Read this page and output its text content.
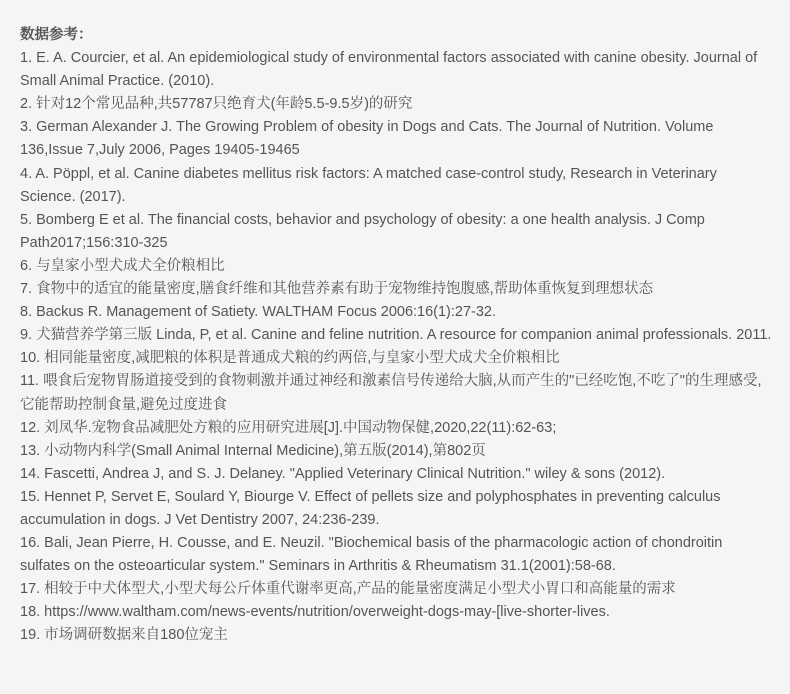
数据参考：
1. E. A. Courcier, et al. An epidemiological study of environmental factors associated with canine obesity. Journal of Small Animal Practice. (2010).
2. 针对12个常见品种,共57787只绝育犬(年龄5.5-9.5岁)的研究
3. German Alexander J. The Growing Problem of obesity in Dogs and Cats. The Journal of Nutrition. Volume 136,Issue 7,July 2006, Pages 19405-19465
4. A. Pöppl, et al. Canine diabetes mellitus risk factors: A matched case-control study, Research in Veterinary Science. (2017).
5. Bomberg E et al. The financial costs, behavior and psychology of obesity: a one health analysis. J Comp Path2017;156:310-325
6. 与皇家小型犬成犬全价粮相比
7. 食物中的适宜的能量密度,膳食纤维和其他营养素有助于宠物维持饱腹感,帮助体重恢复到理想状态
8. Backus R. Management of Satiety. WALTHAM Focus 2006:16(1):27-32.
9. 犬猫营养学第三版 Linda, P, et al. Canine and feline nutrition. A resource for companion animal professionals. 2011.
10. 相同能量密度,减肥粮的体积是普通成犬粮的约两倍,与皇家小型犬成犬全价粮相比
11. 喂食后宠物胃肠道接受到的食物刺激并通过神经和激素信号传递给大脑,从而产生的"已经吃饱,不吃了"的生理感受,它能帮助控制食量,避免过度进食
12. 刘凤华.宠物食品减肥处方粮的应用研究进展[J].中国动物保健,2020,22(11):62-63;
13. 小动物内科学(Small Animal Internal Medicine),第五版(2014),第802页
14. Fascetti, Andrea J, and S. J. Delaney. "Applied Veterinary Clinical Nutrition." wiley & sons (2012).
15. Hennet P, Servet E, Soulard Y, Biourge V. Effect of pellets size and polyphosphates in preventing calculus accumulation in dogs. J Vet Dentistry 2007, 24:236-239.
16. Bali, Jean Pierre, H. Cousse, and E. Neuzil. "Biochemical basis of the pharmacologic action of chondroitin sulfates on the osteoarticular system." Seminars in Arthritis & Rheumatism 31.1(2001):58-68.
17. 相较于中犬体型犬,小型犬每公斤体重代谢率更高,产品的能量密度满足小型犬小胃口和高能量的需求
18. https://www.waltham.com/news-events/nutrition/overweight-dogs-may-[live-shorter-lives.
19. 市场调研数据来自180位宠主
